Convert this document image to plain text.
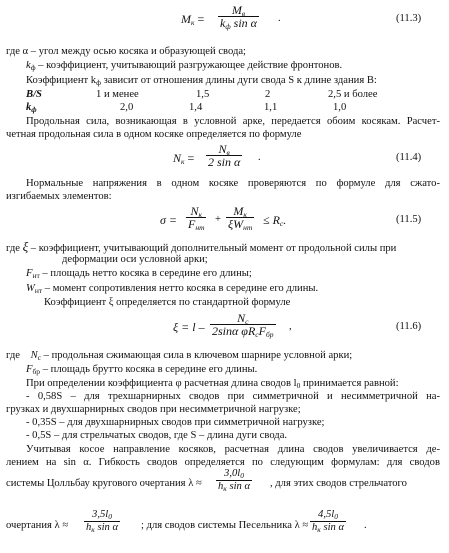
$M_к$ =
$M_в$
$k_ф$ sin α .	(11.3)
где α – угол между осью косяка и образующей свода;
$k_ф$ – коэффициент, учитывающий разгружающее действие фронтонов.
Коэффициент $k_ф$ зависит от отношения длины дуги свода S к длине здания B:
B/S	1 и менее	1,5	2	2,5 и более
$k_ф$	2,0	1,4	1,1	1,0
Продольная сила, возникающая в условной арке, передается обоим косякам. Расчет-
четная продольная сила в одном косяке определяется по формуле
$N_к$ =
$N_в$
2 sin α .	(11.4)
Нормальные напряжения в одном косяке проверяются по формуле для сжато-
изгибаемых элементов:
σ =
$N_к$
$F_{нт}$
+
$M_к$
$\xi W_{нт}$
≤ $R_c$.	(11.5)
где ξ – коэффициент, учитывающий дополнительный момент от продольной силы при
деформации оси условной арки;
$F_{нт}$ – площадь нетто косяка в середине его длины;
$W_{нт}$ – момент сопротивления нетто косяка в середине его длины.
Коэффициент ξ определяется по стандартной формуле
ξ = l –
$N_c$
2sinα $\varphi R_cF_{бр}$
,	(11.6)
где $N_c$ – продольная сжимающая сила в ключевом шарнире условной арки;
$F_{бр}$ – площадь брутто косяка в середине его длины.
При определении коэффициента φ расчетная длина сводов $l_0$ принимается равной:
- 0,58S – для трехшарнирных сводов при симметричной и несимметричной на-
грузках и двухшарнирных сводов при несимметричной нагрузке;
- 0,35S – для двухшарнирных сводов при симметричной нагрузке;
- 0,5S – для стрельчатых сводов, где S – длина дуги свода.
Учитывая косое направление косяков, расчетная длина сводов увеличивается де-
лением на sin α. Гибкость сводов определяется по следующим формулам: для сводов
системы Цолльбау кругового очертания λ ≈
$3,0l_0$
$h_к$ sin α , для этих сводов стрельчатого
очертания λ ≈
$3,5l_0$
$h_к$ sin α ; для сводов системы Песельника λ ≈
$4,5l_0$
$h_к$ sin α .
